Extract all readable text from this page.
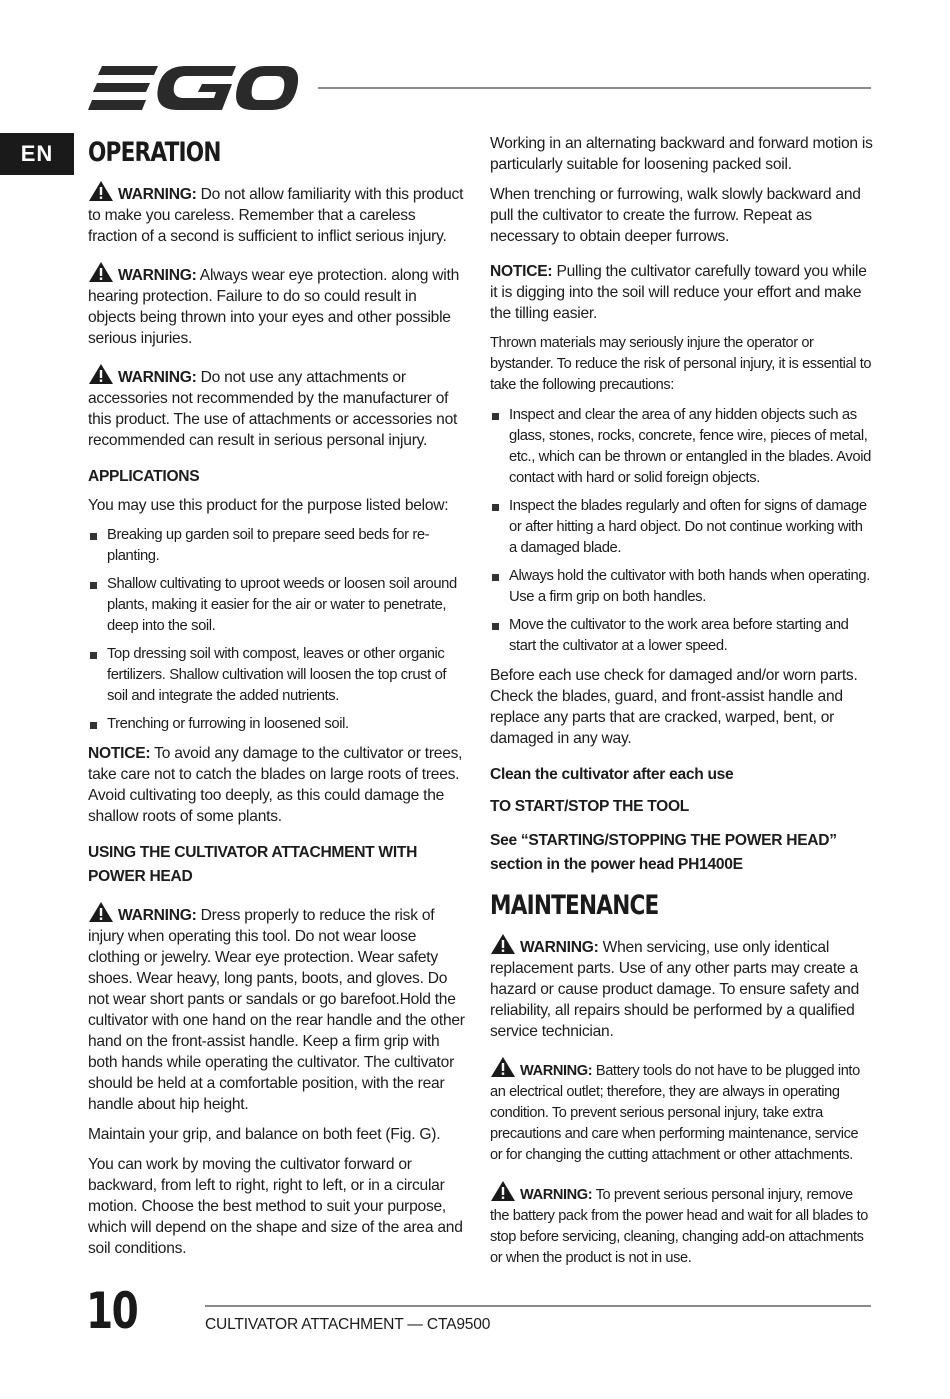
EN	OPERATION

WARNING: Do not allow familiarity with this product to make you careless. Remember that a careless fraction of a second is sufficient to inflict serious injury.

WARNING: Always wear eye protection. along with hearing protection. Failure to do so could result in objects being thrown into your eyes and other possible serious injuries.

WARNING: Do not use any attachments or accessories not recommended by the manufacturer of this product. The use of attachments or accessories not recommended can result in serious personal injury.

APPLICATIONS

You may use this product for the purpose listed below:

Breaking up garden soil to prepare seed beds for re-planting.
Shallow cultivating to uproot weeds or loosen soil around plants, making it easier for the air or water to penetrate, deep into the soil.
Top dressing soil with compost, leaves or other organic fertilizers. Shallow cultivation will loosen the top crust of soil and integrate the added nutrients.
Trenching or furrowing in loosened soil.

NOTICE: To avoid any damage to the cultivator or trees, take care not to catch the blades on large roots of trees. Avoid cultivating too deeply, as this could damage the shallow roots of some plants.

USING THE CULTIVATOR ATTACHMENT WITH POWER HEAD

WARNING: Dress properly to reduce the risk of injury when operating this tool. Do not wear loose clothing or jewelry. Wear eye protection. Wear safety shoes. Wear heavy, long pants, boots, and gloves. Do not wear short pants or sandals or go barefoot.Hold the cultivator with one hand on the rear handle and the other hand on the front-assist handle. Keep a firm grip with both hands while operating the cultivator. The cultivator should be held at a comfortable position, with the rear handle about hip height.

Maintain your grip, and balance on both feet (Fig. G).

You can work by moving the cultivator forward or backward, from left to right, right to left, or in a circular motion. Choose the best method to suit your purpose, which will depend on the shape and size of the area and soil conditions.

Working in an alternating backward and forward motion is particularly suitable for loosening packed soil.

When trenching or furrowing, walk slowly backward and pull the cultivator to create the furrow. Repeat as necessary to obtain deeper furrows.

NOTICE: Pulling the cultivator carefully toward you while it is digging into the soil will reduce your effort and make the tilling easier.

Thrown materials may seriously injure the operator or bystander. To reduce the risk of personal injury, it is essential to take the following precautions:

Inspect and clear the area of any hidden objects such as glass, stones, rocks, concrete, fence wire, pieces of metal, etc., which can be thrown or entangled in the blades. Avoid contact with hard or solid foreign objects.
Inspect the blades regularly and often for signs of damage or after hitting a hard object. Do not continue working with a damaged blade.
Always hold the cultivator with both hands when operating. Use a firm grip on both handles.
Move the cultivator to the work area before starting and start the cultivator at a lower speed.

Before each use check for damaged and/or worn parts. Check the blades, guard, and front-assist handle and replace any parts that are cracked, warped, bent, or damaged in any way.

Clean the cultivator after each use
TO START/STOP THE TOOL
See “STARTING/STOPPING THE POWER HEAD” section in the power head PH1400E
MAINTENANCE

WARNING: When servicing, use only identical replacement parts. Use of any other parts may create a hazard or cause product damage. To ensure safety and reliability, all repairs should be performed by a qualified service technician.

WARNING: Battery tools do not have to be plugged into an electrical outlet; therefore, they are always in operating condition. To prevent serious personal injury, take extra precautions and care when performing maintenance, service or for changing the cutting attachment or other attachments.

WARNING: To prevent serious personal injury, remove the battery pack from the power head and wait for all blades to stop before servicing, cleaning, changing add-on attachments or when the product is not in use.

10	CULTIVATOR ATTACHMENT — CTA9500
